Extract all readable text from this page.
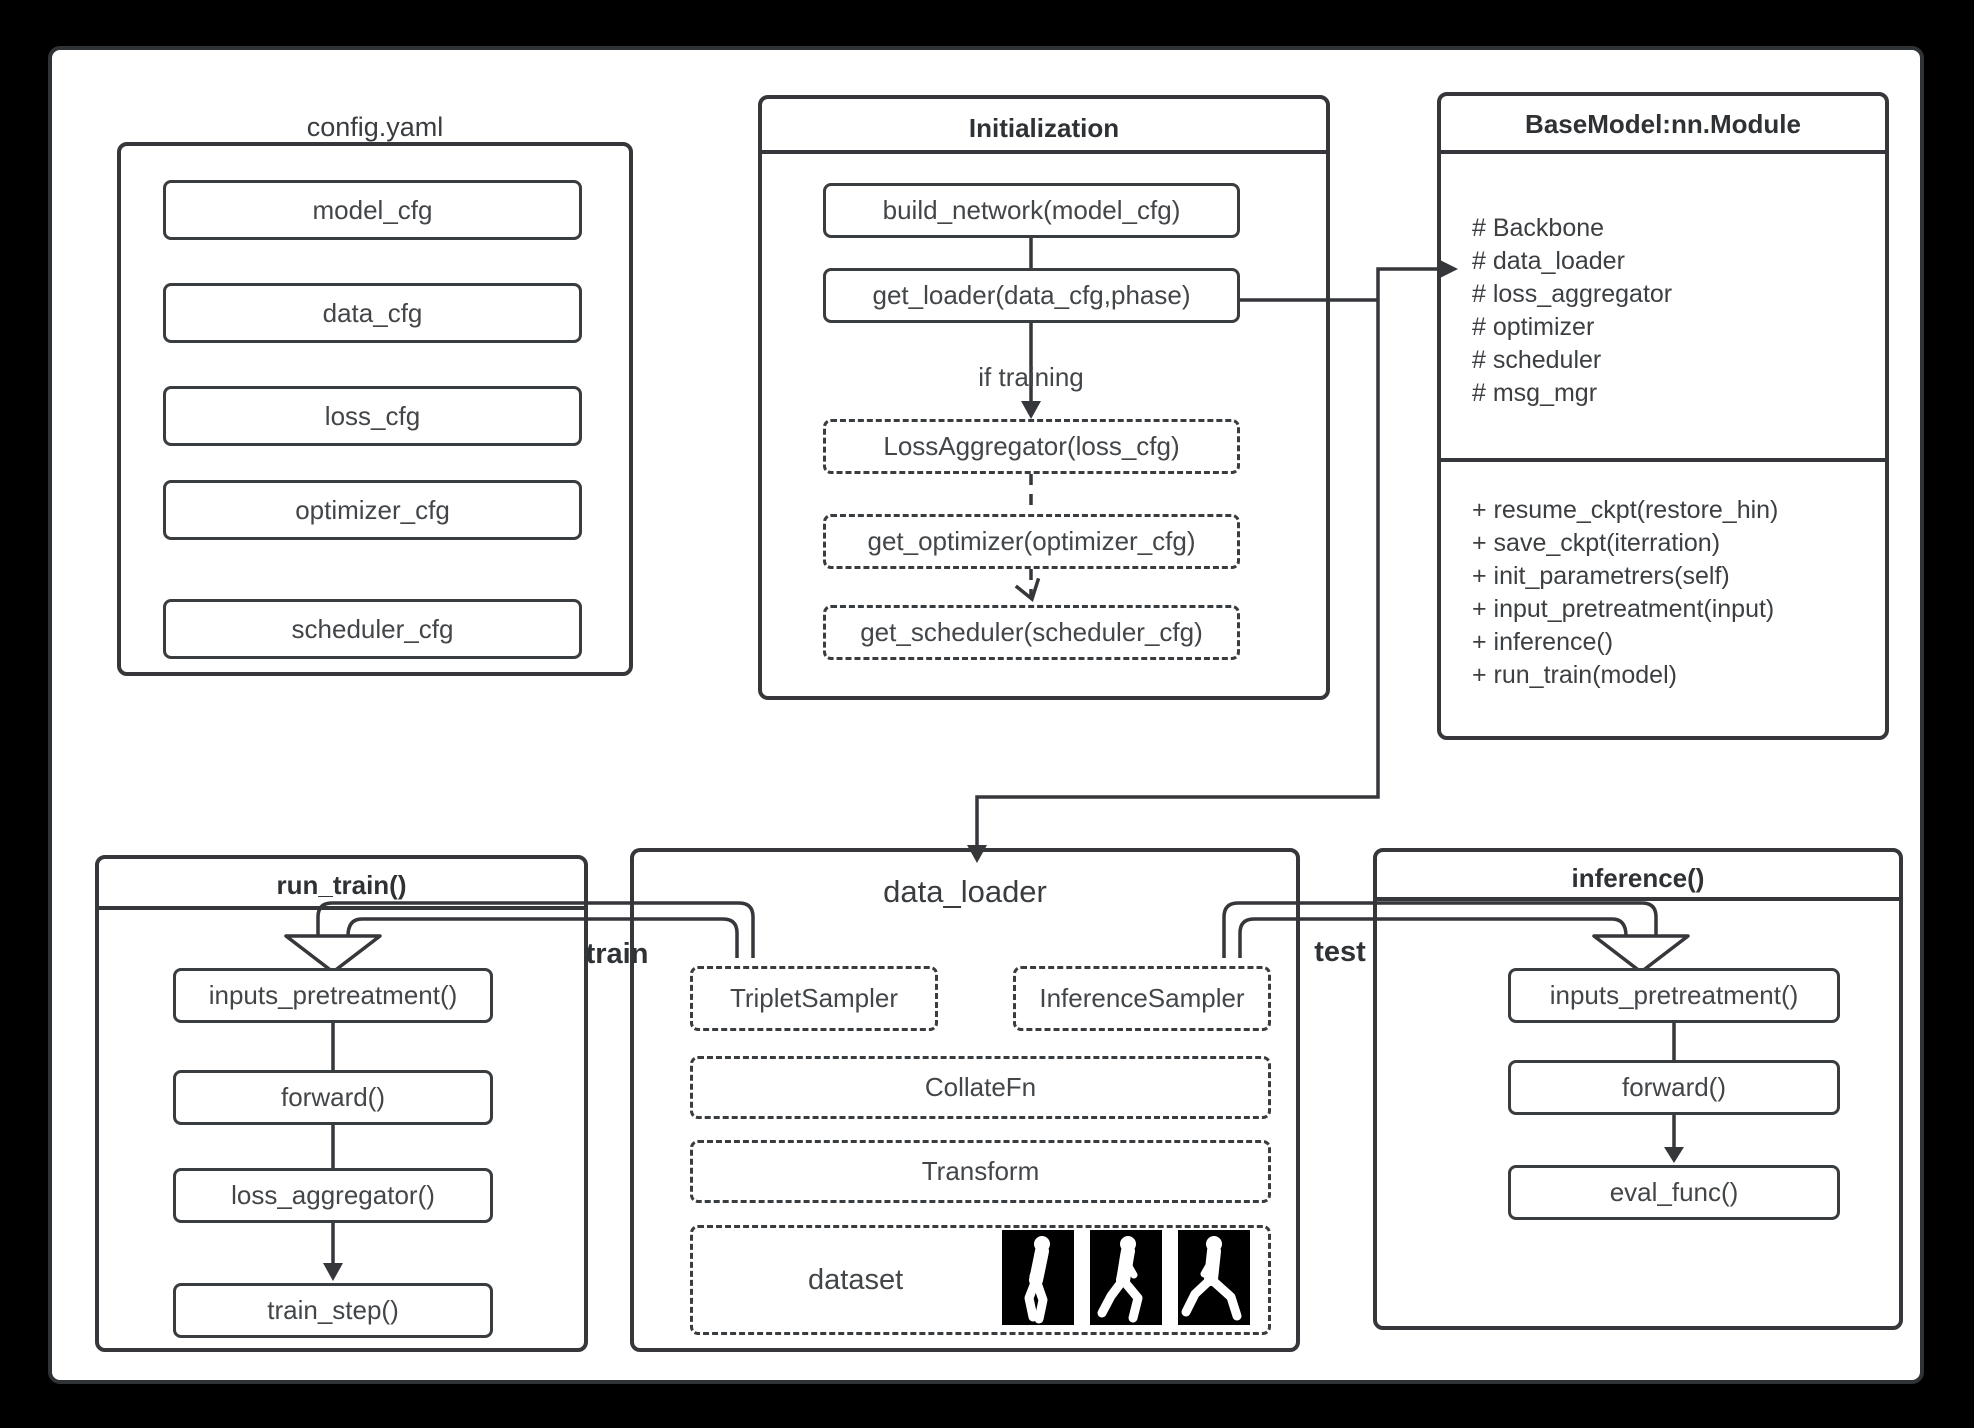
config.yaml	Initialization	BaseModel:nn.Module
# Backbone
# data_loader
# loss_aggregator
# optimizer
# scheduler
# msg_mgr
+ resume_ckpt(restore_hin)
+ save_ckpt(iterration)
+ init_parametrers(self)
+ input_pretreatment(input)
+ inference()
+ run_train(model)
run_train()	data_loader	inference()
model_cfg
data_cfg
loss_cfg
optimizer_cfg
scheduler_cfg
build_network(model_cfg)
get_loader(data_cfg,phase)
if training
LossAggregator(loss_cfg)
get_optimizer(optimizer_cfg)
get_scheduler(scheduler_cfg)
inputs_pretreatment()
forward()
loss_aggregator()
train_step()
TripletSampler	InferenceSampler
CollateFn
Transform
dataset
inputs_pretreatment()
forward()
eval_func()
train	test
